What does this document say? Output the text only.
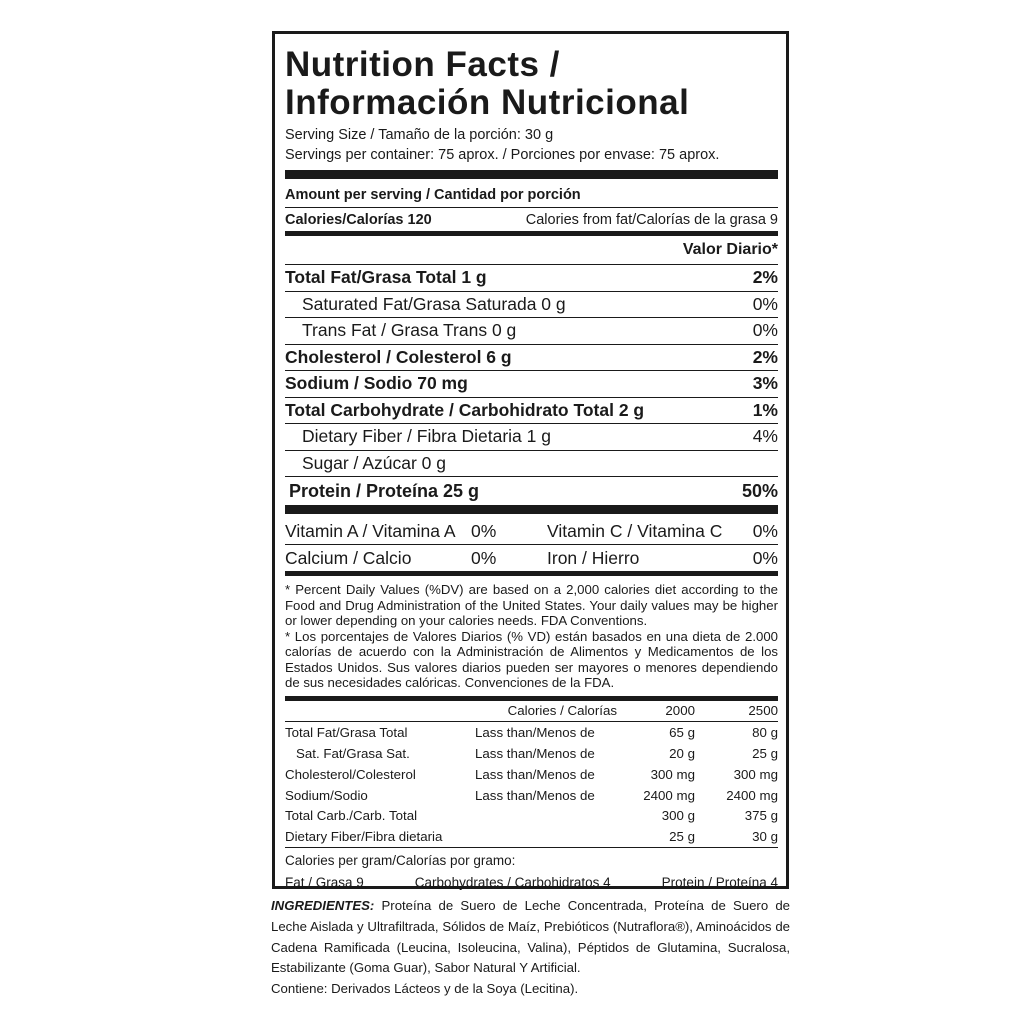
Nutrition Facts /
Información Nutricional
Serving Size / Tamaño de la porción: 30 g
Servings per container: 75 aprox. / Porciones por envase: 75 aprox.
Amount per serving / Cantidad por porción
Calories/Calorías 120	Calories from fat/Calorías de la grasa 9
Valor Diario*
Total Fat/Grasa Total 1 g	2%
Saturated Fat/Grasa Saturada 0 g	0%
Trans Fat / Grasa Trans 0 g	0%
Cholesterol / Colesterol 6 g	2%
Sodium / Sodio 70 mg	3%
Total Carbohydrate / Carbohidrato Total 2 g	1%
Dietary Fiber / Fibra Dietaria 1 g	4%
Sugar / Azúcar 0 g
Protein / Proteína 25 g	50%
Vitamin A / Vitamina A 0%	Vitamin C / Vitamina C	0%
Calcium / Calcio	0%	Iron / Hierro	0%

* Percent Daily Values (%DV) are based on a 2,000 calories diet according to the Food and Drug Administration of the United States. Your daily values may be higher or lower depending on your calories needs. FDA Conventions.

* Los porcentajes de Valores Diarios (% VD) están basados en una dieta de 2.000 calorías de acuerdo con la Administración de Alimentos y Medicamentos de los Estados Unidos. Sus valores diarios pueden ser mayores o menores dependiendo de sus necesidades calóricas. Convenciones de la FDA.

	Calories / Calorías	2000	2500
Total Fat/Grasa Total	Lass than/Menos de	65 g	80 g
Sat. Fat/Grasa Sat.	Lass than/Menos de	20 g	25 g
Cholesterol/Colesterol	Lass than/Menos de	300 mg	300 mg
Sodium/Sodio	Lass than/Menos de	2400 mg	2400 mg
Total Carb./Carb. Total		300 g	375 g
Dietary Fiber/Fibra dietaria		25 g	30 g
Calories per gram/Calorías por gramo:
Fat / Grasa 9	Carbohydrates / Carbohidratos 4	Protein / Proteína 4
INGREDIENTES: Proteína de Suero de Leche Concentrada, Proteína de Suero de Leche Aislada y Ultrafiltrada, Sólidos de Maíz, Prebióticos (Nutraflora®), Aminoácidos de Cadena Ramificada (Leucina, Isoleucina, Valina), Péptidos de Glutamina, Sucralosa, Estabilizante (Goma Guar), Sabor Natural Y Artificial.
Contiene: Derivados Lácteos y de la Soya (Lecitina).
